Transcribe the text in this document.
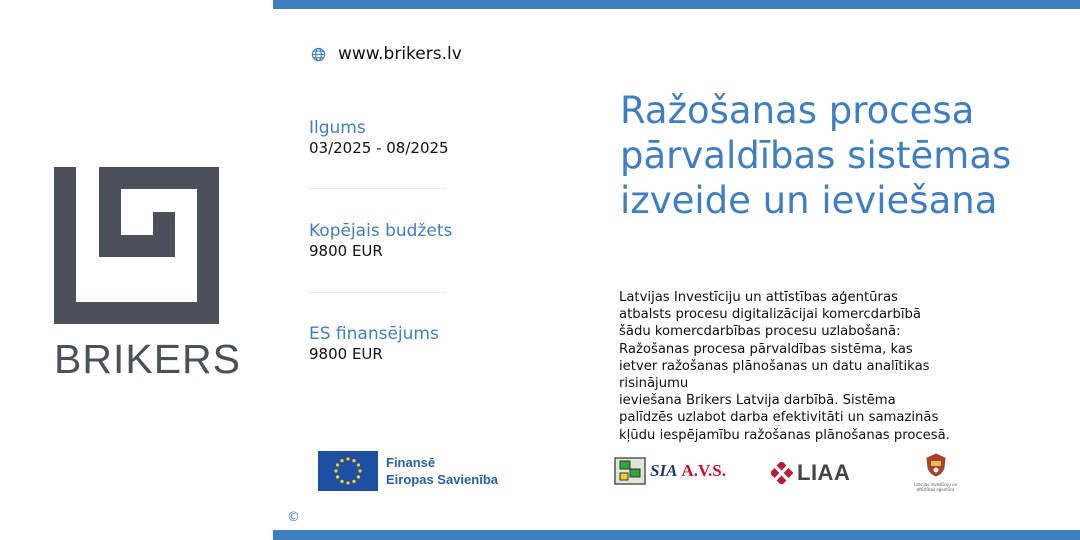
BRIKERS
www.brikers.lv
Ilgums
03/2025 - 08/2025
Kopējais budžets
9800 EUR
ES finansējums
9800 EUR
Ražošanas procesa
pārvaldības sistēmas
izveide un ieviešana
Latvijas Investīciju un attīstības aģentūras
atbalsts procesu digitalizācijai komercdarbībā
šādu komercdarbības procesu uzlabošanā:
Ražošanas procesa pārvaldības sistēma, kas
ietver ražošanas plānošanas un datu analītikas
risinājumu
ieviešana Brikers Latvija darbībā. Sistēma
palīdzēs uzlabot darba efektivitāti un samazinās
kļūdu iespējamību ražošanas plānošanas procesā.
Finansē
Eiropas Savienība	SIA A.V.S.	LIAA	Latvijas Investīciju un
attīstības aģentūra
©
